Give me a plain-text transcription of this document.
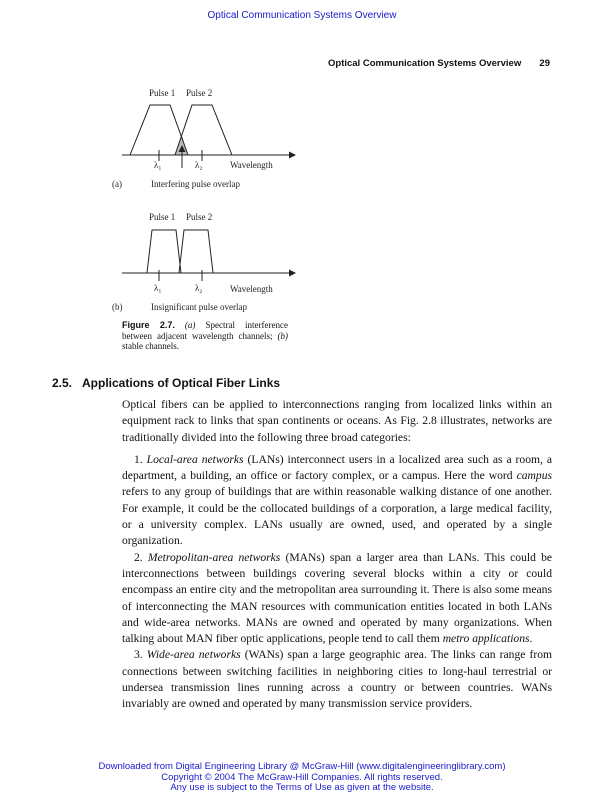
Optical Communication Systems Overview
Optical Communication Systems Overview 29
Pulse 1 Pulse 2
λ₁	λ₂	Wavelength
(a)	Interfering pulse overlap
Pulse 1 Pulse 2
λ₁	λ₂	Wavelength
(b)	Insignificant pulse overlap
Figure 2.7. (a) Spectral interference between adjacent wavelength channels; (b) stable channels.
2.5. Applications of Optical Fiber Links

Optical fibers can be applied to interconnections ranging from localized links within an equipment rack to links that span continents or oceans. As Fig. 2.8 illustrates, networks are traditionally divided into the following three broad categories:

1. Local-area networks (LANs) interconnect users in a localized area such as a room, a department, a building, an office or factory complex, or a campus. Here the word campus refers to any group of buildings that are within reasonable walking distance of one another. For example, it could be the collocated buildings of a corporation, a large medical facility, or a university complex. LANs usually are owned, used, and operated by a single organization.

2. Metropolitan-area networks (MANs) span a larger area than LANs. This could be interconnections between buildings covering several blocks within a city or could encompass an entire city and the metropolitan area surrounding it. There is also some means of interconnecting the MAN resources with communication entities located in both LANs and wide-area networks. MANs are owned and operated by many organizations. When talking about MAN fiber optic applications, people tend to call them metro applications.

3. Wide-area networks (WANs) span a large geographic area. The links can range from connections between switching facilities in neighboring cities to long-haul terrestrial or undersea transmission lines running across a country or between countries. WANs invariably are owned and operated by many transmission service providers.

Downloaded from Digital Engineering Library @ McGraw-Hill (www.digitalengineeringlibrary.com)
Copyright © 2004 The McGraw-Hill Companies. All rights reserved.
Any use is subject to the Terms of Use as given at the website.
